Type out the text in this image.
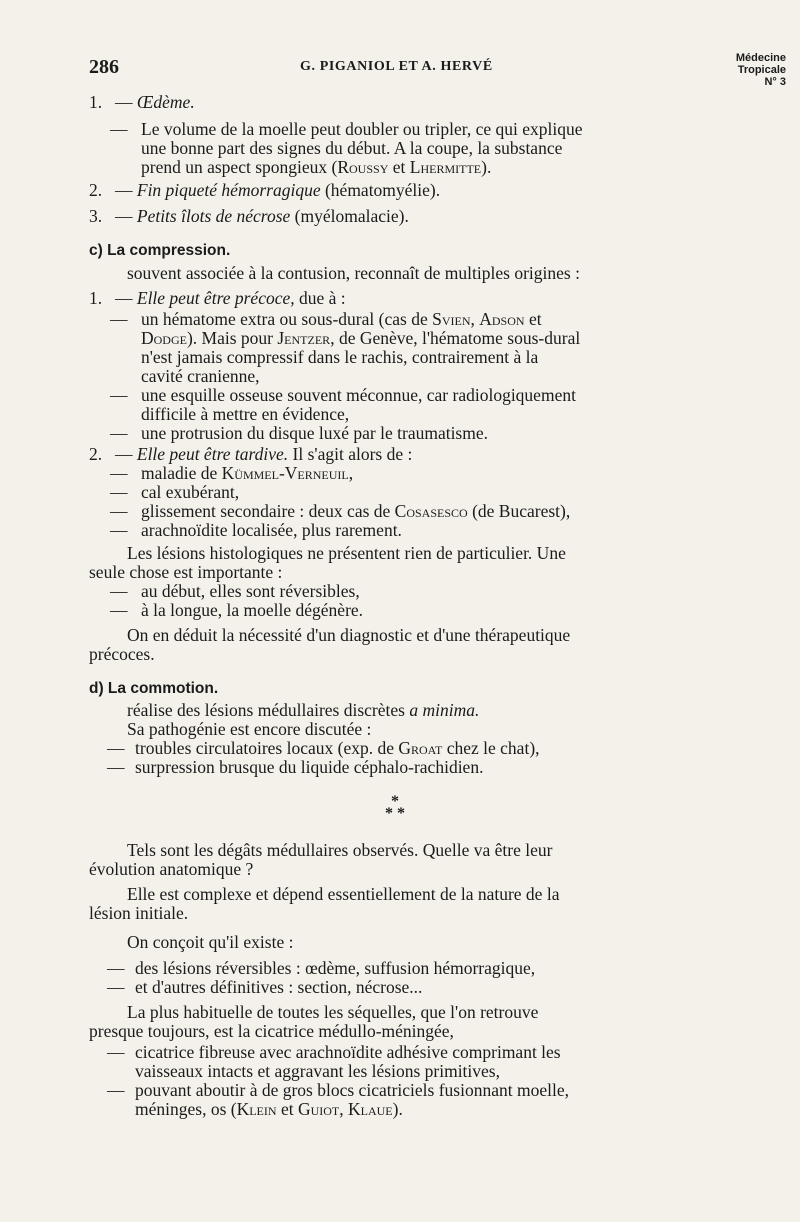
286	G. PIGANIOL ET A. HERVÉ
Médecine
Tropicale
N° 3
1. — Œdème.
— Le volume de la moelle peut doubler ou tripler, ce qui explique
une bonne part des signes du début. A la coupe, la substance
prend un aspect spongieux (Roussy et Lhermitte).
2. — Fin piqueté hémorragique (hématomyélie).
3. — Petits îlots de nécrose (myélomalacie).
c) La compression.
souvent associée à la contusion, reconnaît de multiples origines :
1. — Elle peut être précoce, due à :
— un hématome extra ou sous-dural (cas de Svien, Adson et
Dodge). Mais pour Jentzer, de Genève, l'hématome sous-dural
n'est jamais compressif dans le rachis, contrairement à la
cavité cranienne,
— une esquille osseuse souvent méconnue, car radiologiquement
difficile à mettre en évidence,
— une protrusion du disque luxé par le traumatisme.
2. — Elle peut être tardive. Il s'agit alors de :
— maladie de Kümmel-Verneuil,
— cal exubérant,
— glissement secondaire : deux cas de Cosasesco (de Bucarest),
— arachnoïdite localisée, plus rarement.
Les lésions histologiques ne présentent rien de particulier. Une
seule chose est importante :
— au début, elles sont réversibles,
— à la longue, la moelle dégénère.
On en déduit la nécessité d'un diagnostic et d'une thérapeutique
précoces.
d) La commotion.
réalise des lésions médullaires discrètes a minima.
Sa pathogénie est encore discutée :
— troubles circulatoires locaux (exp. de Groat chez le chat),
— surpression brusque du liquide céphalo-rachidien.
*
* *
Tels sont les dégâts médullaires observés. Quelle va être leur
évolution anatomique ?
Elle est complexe et dépend essentiellement de la nature de la
lésion initiale.
On conçoit qu'il existe :
— des lésions réversibles : œdème, suffusion hémorragique,
— et d'autres définitives : section, nécrose...
La plus habituelle de toutes les séquelles, que l'on retrouve
presque toujours, est la cicatrice médullo-méningée,
— cicatrice fibreuse avec arachnoïdite adhésive comprimant les
vaisseaux intacts et aggravant les lésions primitives,
— pouvant aboutir à de gros blocs cicatriciels fusionnant moelle,
méninges, os (Klein et Guiot, Klaue).
